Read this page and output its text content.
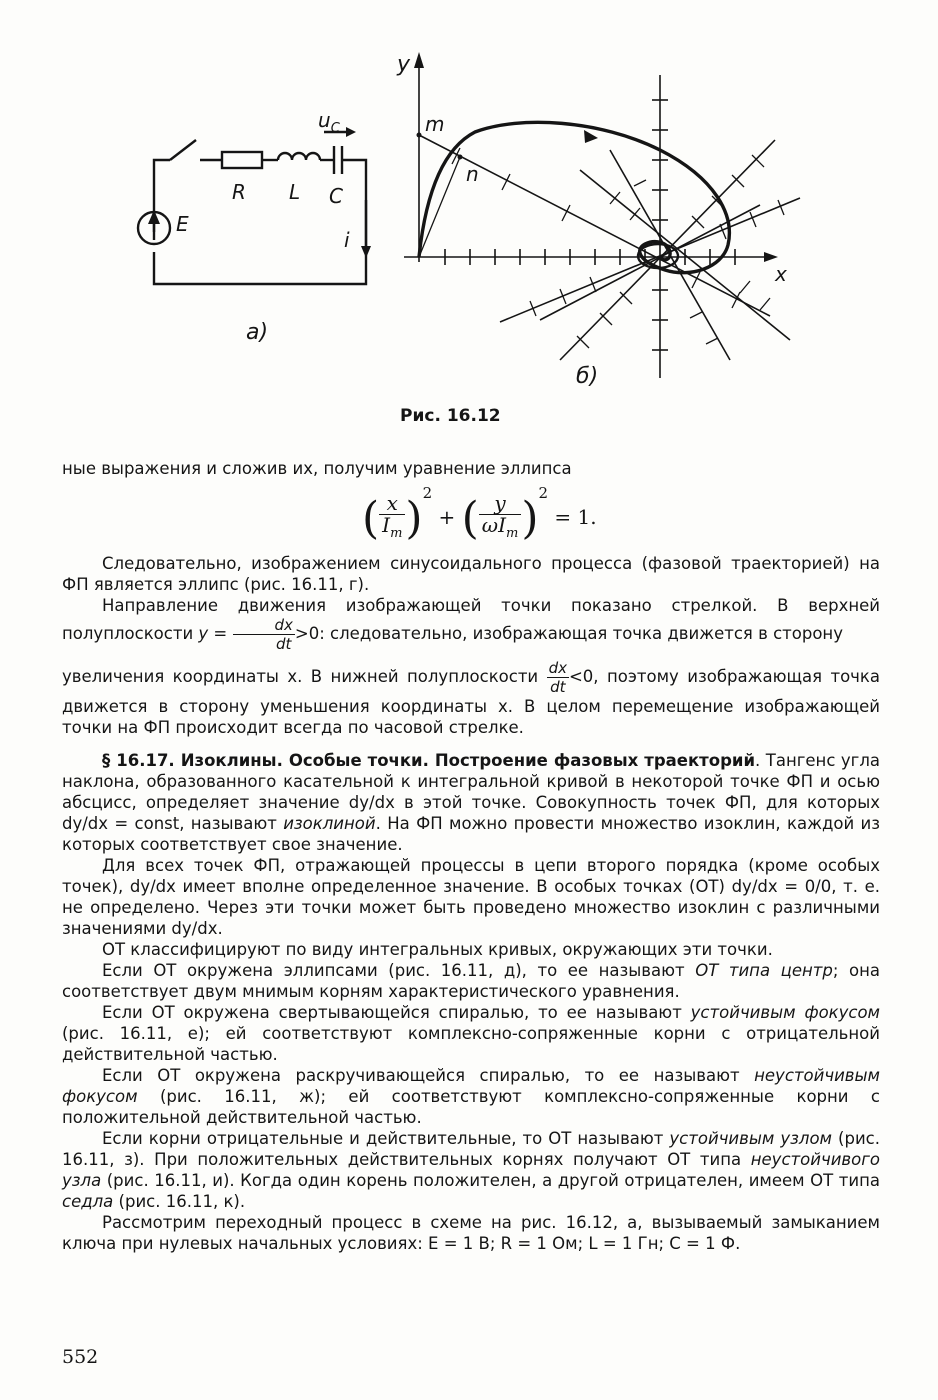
$u_C$
R L C
E
i
а)
y
x
m
n
б)
Рис. 16.12

ные выражения и сложив их, получим уравнение эллипса

( $\frac{x}{I_m} )^2$ + ( $\frac{y}{\omega I_m} )^2 = 1$.

Следовательно, изображением синусоидального процесса (фазовой траекторией) на ФП является эллипс (рис. 16.11, г).

Направление движения изображающей точки показано стрелкой. В верхней полуплоскости $y = \frac{dx}{dt} >0$: следовательно, изображающая точка движется в сторону

увеличения координаты x. В нижней полуплоскости $\frac{dx}{dt} <0$, поэтому изображающая точка движется в сторону уменьшения координаты x. В целом перемещение изображающей точки на ФП происходит всегда по часовой стрелке.

§ 16.17. Изоклины. Особые точки. Построение фазовых траекторий. Тангенс угла наклона, образованного касательной к интегральной кривой в некоторой точке ФП и осью абсцисс, определяет значение dy/dx в этой точке. Совокупность точек ФП, для которых dy/dx = const, называют изоклиной. На ФП можно провести множество изоклин, каждой из которых соответствует свое значение.

Для всех точек ФП, отражающей процессы в цепи второго порядка (кроме особых точек), dy/dx имеет вполне определенное значение. В особых точках (ОТ) dy/dx = 0/0, т. е. не определено. Через эти точки может быть проведено множество изоклин с различными значениями dy/dx.

ОТ классифицируют по виду интегральных кривых, окружающих эти точки.

Если ОТ окружена эллипсами (рис. 16.11, д), то ее называют ОТ типа центр; она соответствует двум мнимым корням характеристического уравнения.

Если ОТ окружена свертывающейся спиралью, то ее называют устойчивым фокусом (рис. 16.11, е); ей соответствуют комплексно-сопряженные корни с отрицательной действительной частью.

Если ОТ окружена раскручивающейся спиралью, то ее называют неустойчивым фокусом (рис. 16.11, ж); ей соответствуют комплексно-сопряженные корни с положительной действительной частью.

Если корни отрицательные и действительные, то ОТ называют устойчивым узлом (рис. 16.11, з). При положительных действительных корнях получают ОТ типа неустойчивого узла (рис. 16.11, и). Когда один корень положителен, а другой отрицателен, имеем ОТ типа седла (рис. 16.11, к).

Рассмотрим переходный процесс в схеме на рис. 16.12, а, вызываемый замыканием ключа при нулевых начальных условиях: E = 1 В; R = 1 Ом; L = 1 Гн; C = 1 Ф.

552
